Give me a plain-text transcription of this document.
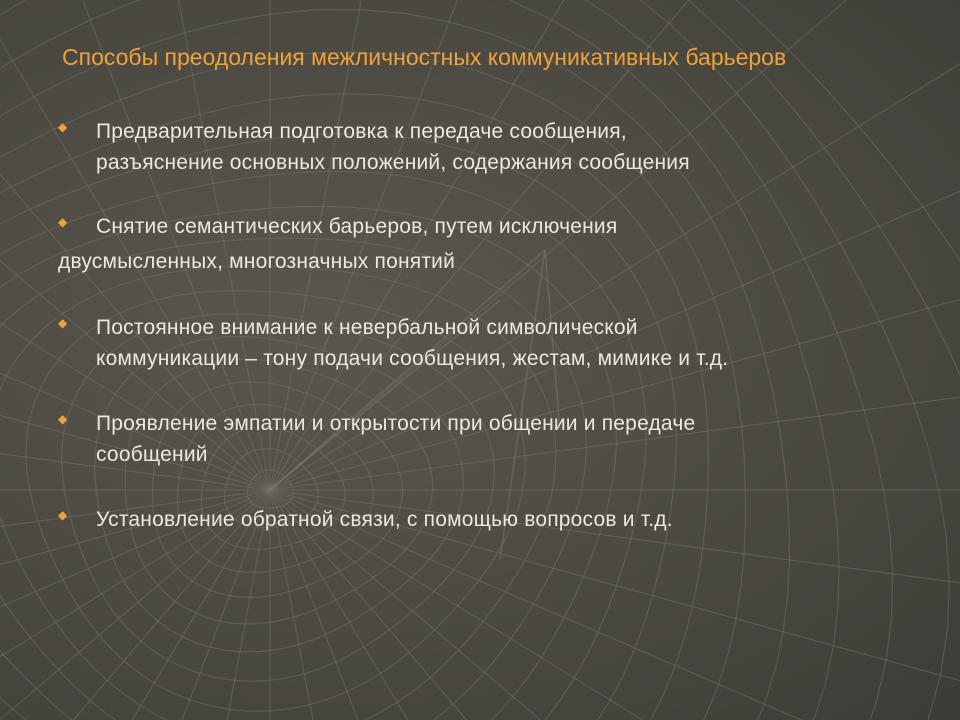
Способы преодоления межличностных коммуникативных барьеров
◆ Предварительная подготовка к передаче сообщения,
разъяснение основных положений, содержания сообщения
◆ Снятие семантических барьеров, путем исключения
двусмысленных, многозначных понятий
◆ Постоянное внимание к невербальной символической
коммуникации – тону подачи сообщения, жестам, мимике и т.д.
◆ Проявление эмпатии и открытости при общении и передаче
сообщений
◆ Установление обратной связи, с помощью вопросов и т.д.
